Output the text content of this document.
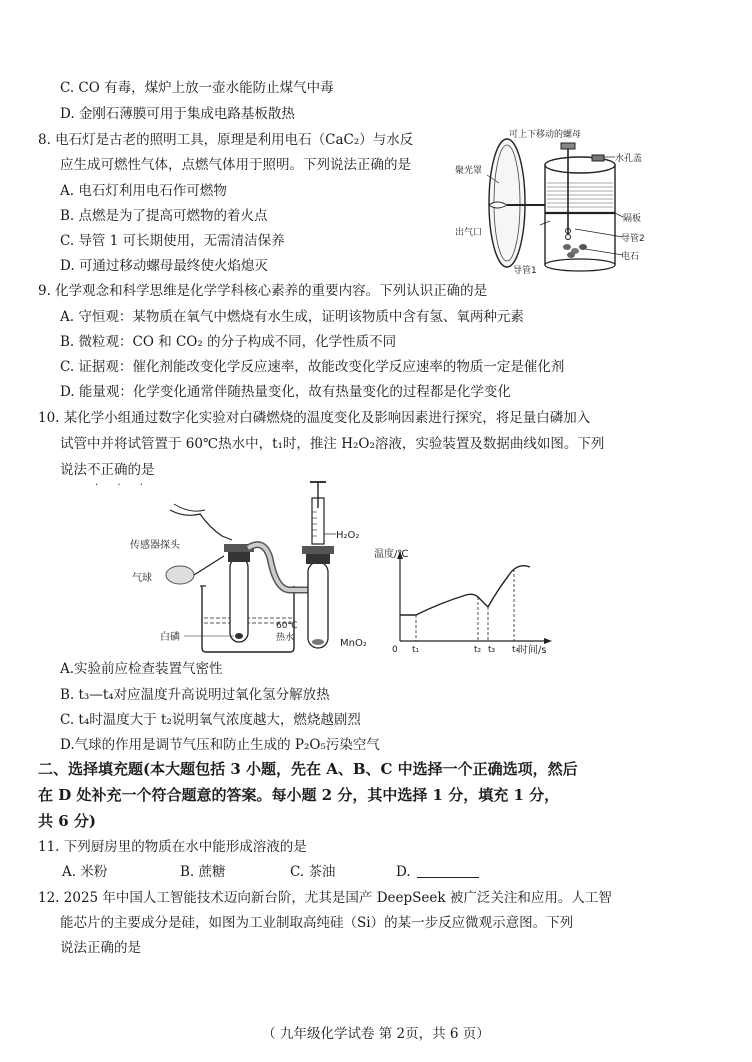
C. CO 有毒，煤炉上放一壶水能防止煤气中毒
D. 金刚石薄膜可用于集成电路基板散热
8. 电石灯是古老的照明工具，原理是利用电石（CaC₂）与水反
应生成可燃性气体，点燃气体用于照明。下列说法正确的是
A. 电石灯利用电石作可燃物
B. 点燃是为了提高可燃物的着火点
C. 导管 1 可长期使用，无需清洁保养
D. 可通过移动螺母最终使火焰熄灭
可上下移动的螺母
聚光罩
水孔盖
隔板
出气口
导管2
电石
导管1
9. 化学观念和科学思维是化学学科核心素养的重要内容。下列认识正确的是
A. 守恒观：某物质在氧气中燃烧有水生成，证明该物质中含有氢、氧两种元素
B. 微粒观：CO 和 CO₂ 的分子构成不同，化学性质不同
C. 证据观：催化剂能改变化学反应速率，故能改变化学反应速率的物质一定是催化剂
D. 能量观：化学变化通常伴随热量变化，故有热量变化的过程都是化学变化
10. 某化学小组通过数字化实验对白磷燃烧的温度变化及影响因素进行探究，将足量白磷加入
试管中并将试管置于 60℃热水中，t₁时，推注 H₂O₂溶液，实验装置及数据曲线如图。下列
说法不正确的是
· · ·
H₂O₂
传感器探头
气球
白磷
60℃
热水	MnO₂
温度/℃
时间/s
0 t₁	t₂ t₃ t₄
A.实验前应检查装置气密性
B. t₃—t₄对应温度升高说明过氧化氢分解放热
C. t₄时温度大于 t₂说明氧气浓度越大，燃烧越剧烈
D.气球的作用是调节气压和防止生成的 P₂O₅污染空气
二、选择填充题(本大题包括 3 小题，先在 A、B、C 中选择一个正确选项，然后
在 D 处补充一个符合题意的答案。每小题 2 分，其中选择 1 分，填充 1 分，
共 6 分)
11. 下列厨房里的物质在水中能形成溶液的是
A. 米粉	B. 蔗糖	C. 茶油	D.
12. 2025 年中国人工智能技术迈向新台阶，尤其是国产 DeepSeek 被广泛关注和应用。人工智
能芯片的主要成分是硅，如图为工业制取高纯硅（Si）的某一步反应微观示意图。下列
说法正确的是
（ 九年级化学试卷 第 2页，共 6 页）
